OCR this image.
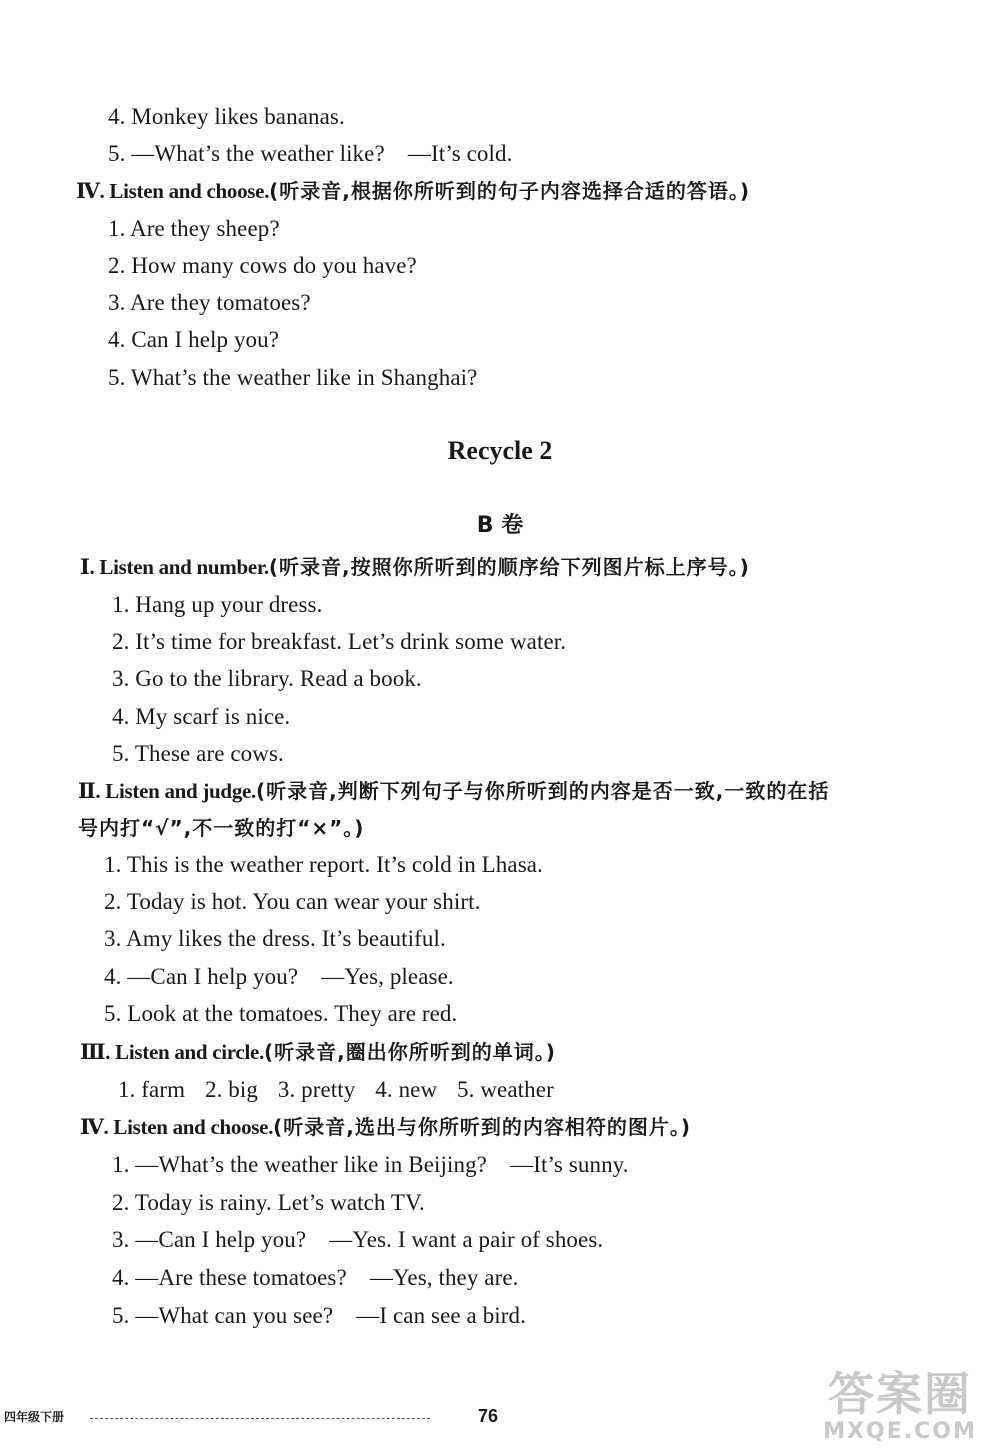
4. Monkey likes bananas.
5. —What’s the weather like? —It’s cold.
Ⅳ. Listen and choose.(听录音,根据你所听到的句子内容选择合适的答语。)
1. Are they sheep?
2. How many cows do you have?
3. Are they tomatoes?
4. Can I help you?
5. What’s the weather like in Shanghai?
Recycle 2
B 卷
Ⅰ. Listen and number.(听录音,按照你所听到的顺序给下列图片标上序号。)
1. Hang up your dress.
2. It’s time for breakfast. Let’s drink some water.
3. Go to the library. Read a book.
4. My scarf is nice.
5. These are cows.
Ⅱ. Listen and judge.(听录音,判断下列句子与你所听到的内容是否一致,一致的在括
号内打“√”,不一致的打“×”。)
1. This is the weather report. It’s cold in Lhasa.
2. Today is hot. You can wear your shirt.
3. Amy likes the dress. It’s beautiful.
4. —Can I help you? —Yes, please.
5. Look at the tomatoes. They are red.
Ⅲ. Listen and circle.(听录音,圈出你所听到的单词。)
1. farm 2. big 3. pretty 4. new 5. weather
Ⅳ. Listen and choose.(听录音,选出与你所听到的内容相符的图片。)
1. —What’s the weather like in Beijing? —It’s sunny.
2. Today is rainy. Let’s watch TV.
3. —Can I help you? —Yes. I want a pair of shoes.
4. —Are these tomatoes? —Yes, they are.
5. —What can you see? —I can see a bird.
四年级下册	76	答案圈
MXQE.COM
